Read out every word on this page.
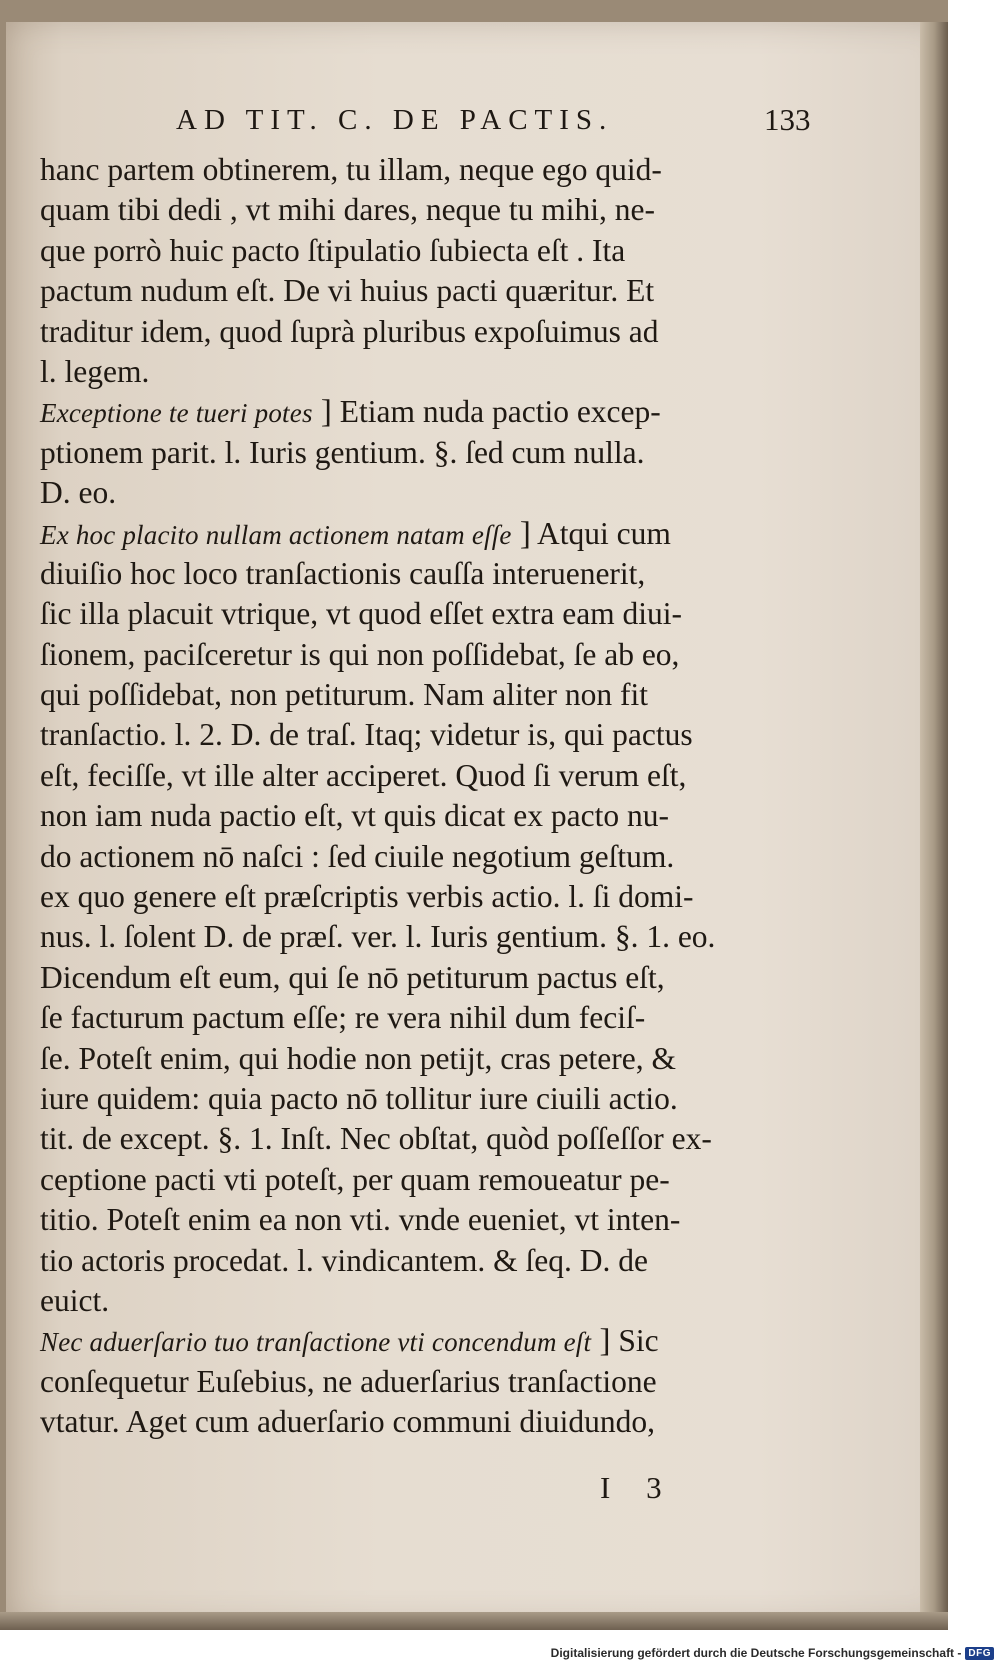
AD TIT. C. DE PACTIS.	133
hanc partem obtinerem, tu illam, neque ego quid-
quam tibi dedi , vt mihi dares, neque tu mihi, ne-
que porrò huic pacto ſtipulatio ſubiecta eſt . Ita
pactum nudum eſt. De vi huius pacti quæritur. Et
traditur idem, quod ſuprà pluribus expoſuimus ad
l. legem.
Exceptione te tueri potes ] Etiam nuda pactio excep-
ptionem parit. l. Iuris gentium. §. ſed cum nulla.
D. eo.
Ex hoc placito nullam actionem natam eſſe ] Atqui cum
diuiſio hoc loco tranſactionis cauſſa interuenerit,
ſic illa placuit vtrique, vt quod eſſet extra eam diui-
ſionem, paciſceretur is qui non poſſidebat, ſe ab eo,
qui poſſidebat, non petiturum. Nam aliter non fit
tranſactio. l. 2. D. de traſ. Itaq; videtur is, qui pactus
eſt, feciſſe, vt ille alter acciperet. Quod ſi verum eſt,
non iam nuda pactio eſt, vt quis dicat ex pacto nu-
do actionem nō naſci : ſed ciuile negotium geſtum.
ex quo genere eſt præſcriptis verbis actio. l. ſi domi-
nus. l. ſolent D. de præſ. ver. l. Iuris gentium. §. 1. eo.
Dicendum eſt eum, qui ſe nō petiturum pactus eſt,
ſe facturum pactum eſſe; re vera nihil dum feciſ-
ſe. Poteſt enim, qui hodie non petijt, cras petere, &
iure quidem: quia pacto nō tollitur iure ciuili actio.
tit. de except. §. 1. Inſt. Nec obſtat, quòd poſſeſſor ex-
ceptione pacti vti poteſt, per quam remoueatur pe-
titio. Poteſt enim ea non vti. vnde eueniet, vt inten-
tio actoris procedat. l. vindicantem. & ſeq. D. de
euict.
Nec aduerſario tuo tranſactione vti concendum eſt ] Sic
conſequetur Euſebius, ne aduerſarius tranſactione
vtatur. Aget cum aduerſario communi diuidundo,
I 3
Digitalisierung gefördert durch die Deutsche Forschungsgemeinschaft - DFG
